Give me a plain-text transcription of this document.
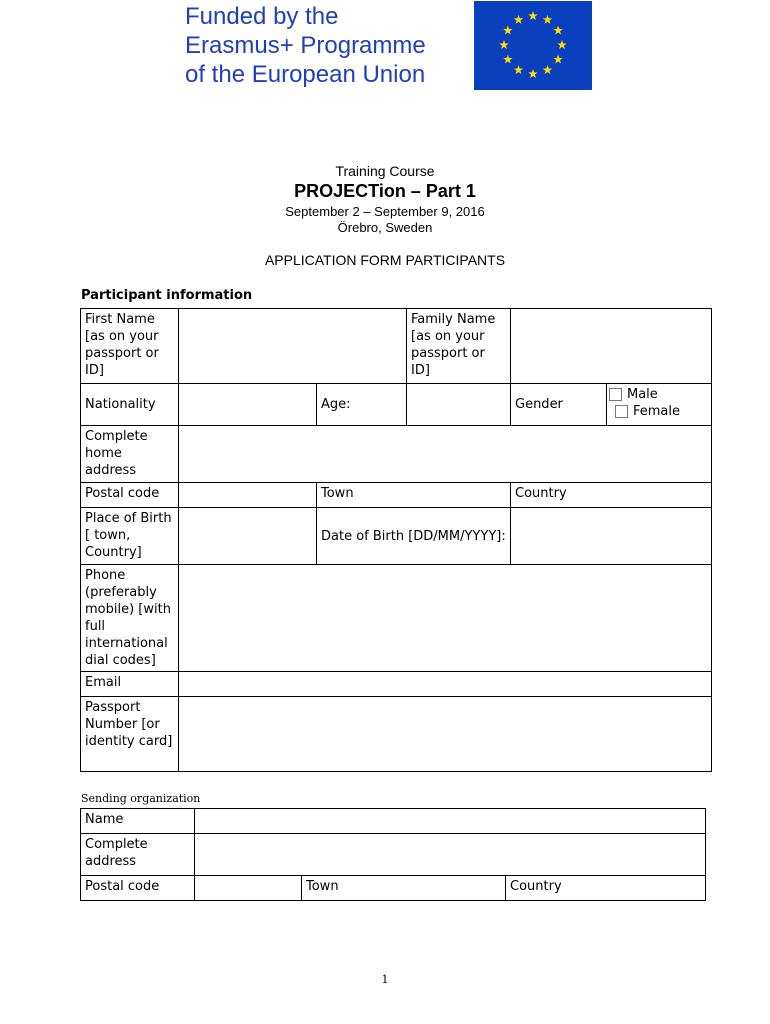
Funded by the
Erasmus+ Programme
of the European Union
Training Course
PROJECTion – Part 1
September 2 – September 9, 2016
Örebro, Sweden
APPLICATION FORM PARTICIPANTS
Participant information
First Name [as on your passport or ID]			Family Name [as on your passport or ID]		
Nationality		Age:		Gender	Male
Female

Complete home address					
Postal code		Town		Country	
Place of Birth [ town, Country]		Date of Birth [DD/MM/YYYY]:			
Phone (preferably mobile) [with full international dial codes]					
Email					
Passport Number [or identity card]					
Sending organization
Name			
Complete address			
Postal code		Town	Country
1
